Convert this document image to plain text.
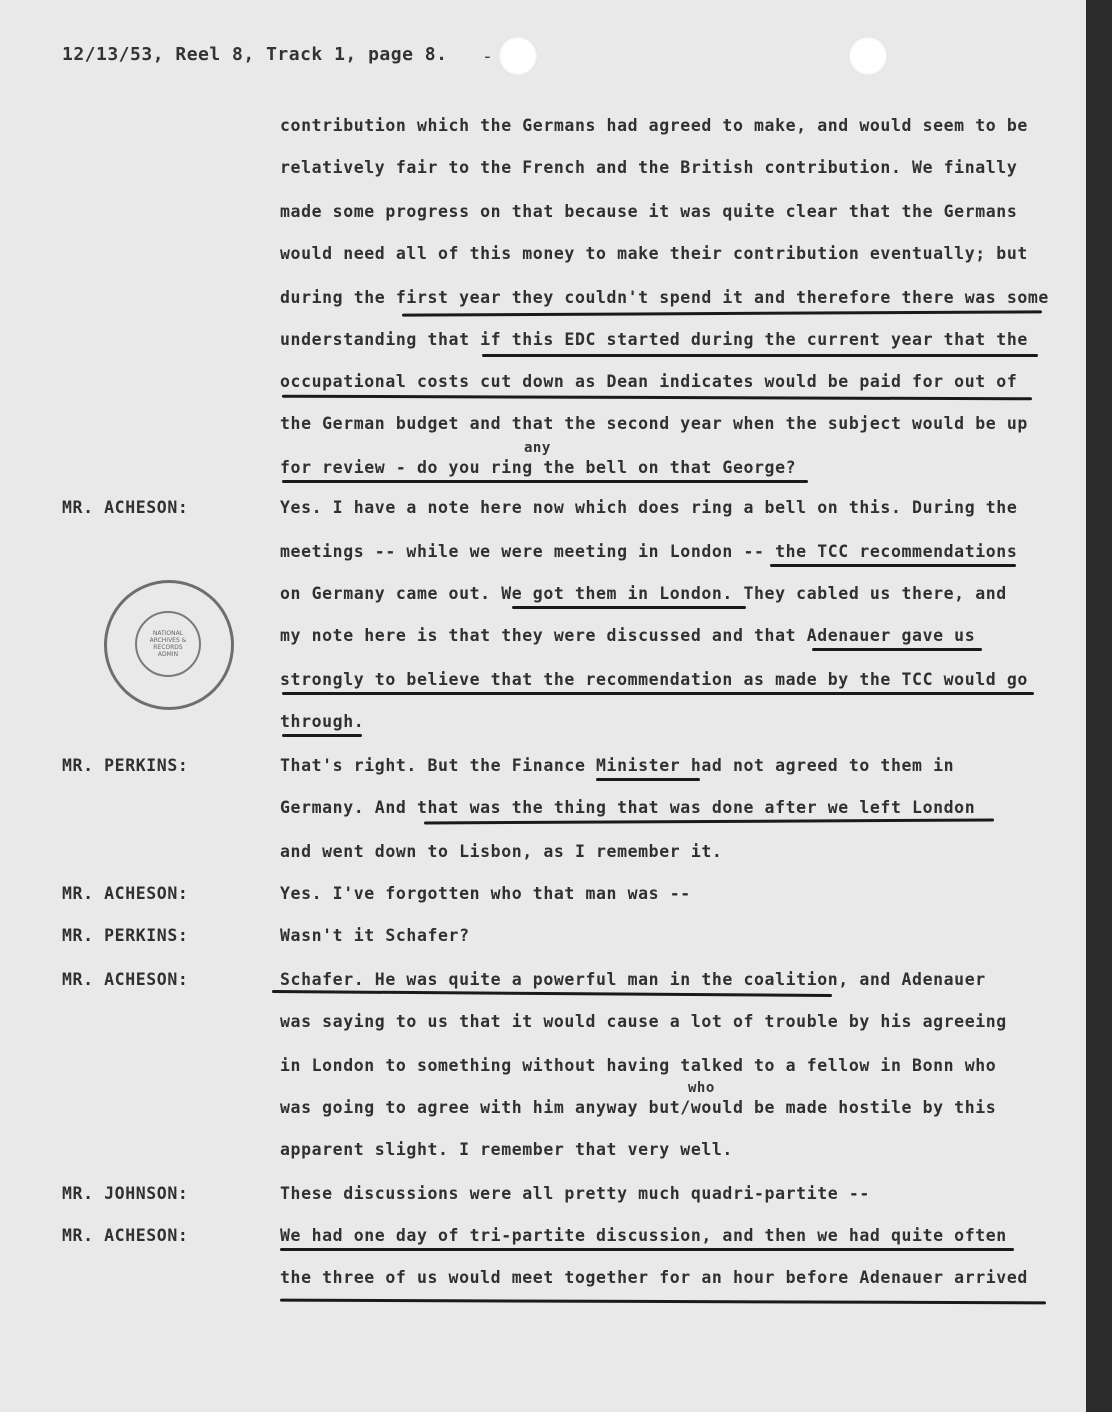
12/13/53, Reel 8, Track 1, page 8. -
NATIONAL ARCHIVES & RECORDS ADMIN
MR. ACHESON:
MR. PERKINS:
MR. ACHESON:
MR. PERKINS:
MR. ACHESON:
MR. JOHNSON:
MR. ACHESON:
contribution which the Germans had agreed to make, and would seem to be
relatively fair to the French and the British contribution. We finally
made some progress on that because it was quite clear that the Germans
would need all of this money to make their contribution eventually; but
during the first year they couldn't spend it and therefore there was some
understanding that if this EDC started during the current year that the
occupational costs cut down as Dean indicates would be paid for out of
the German budget and that the second year when the subject would be up
any
for review - do you ring the bell on that George?
Yes. I have a note here now which does ring a bell on this. During the
meetings -- while we were meeting in London -- the TCC recommendations
on Germany came out. We got them in London. They cabled us there, and
my note here is that they were discussed and that Adenauer gave us
strongly to believe that the recommendation as made by the TCC would go
through.
That's right. But the Finance Minister had not agreed to them in
Germany. And that was the thing that was done after we left London
and went down to Lisbon, as I remember it.
Yes. I've forgotten who that man was --
Wasn't it Schafer?
Schafer. He was quite a powerful man in the coalition, and Adenauer
was saying to us that it would cause a lot of trouble by his agreeing
in London to something without having talked to a fellow in Bonn who
who
was going to agree with him anyway but/would be made hostile by this
apparent slight. I remember that very well.
These discussions were all pretty much quadri-partite --
We had one day of tri-partite discussion, and then we had quite often
the three of us would meet together for an hour before Adenauer arrived
